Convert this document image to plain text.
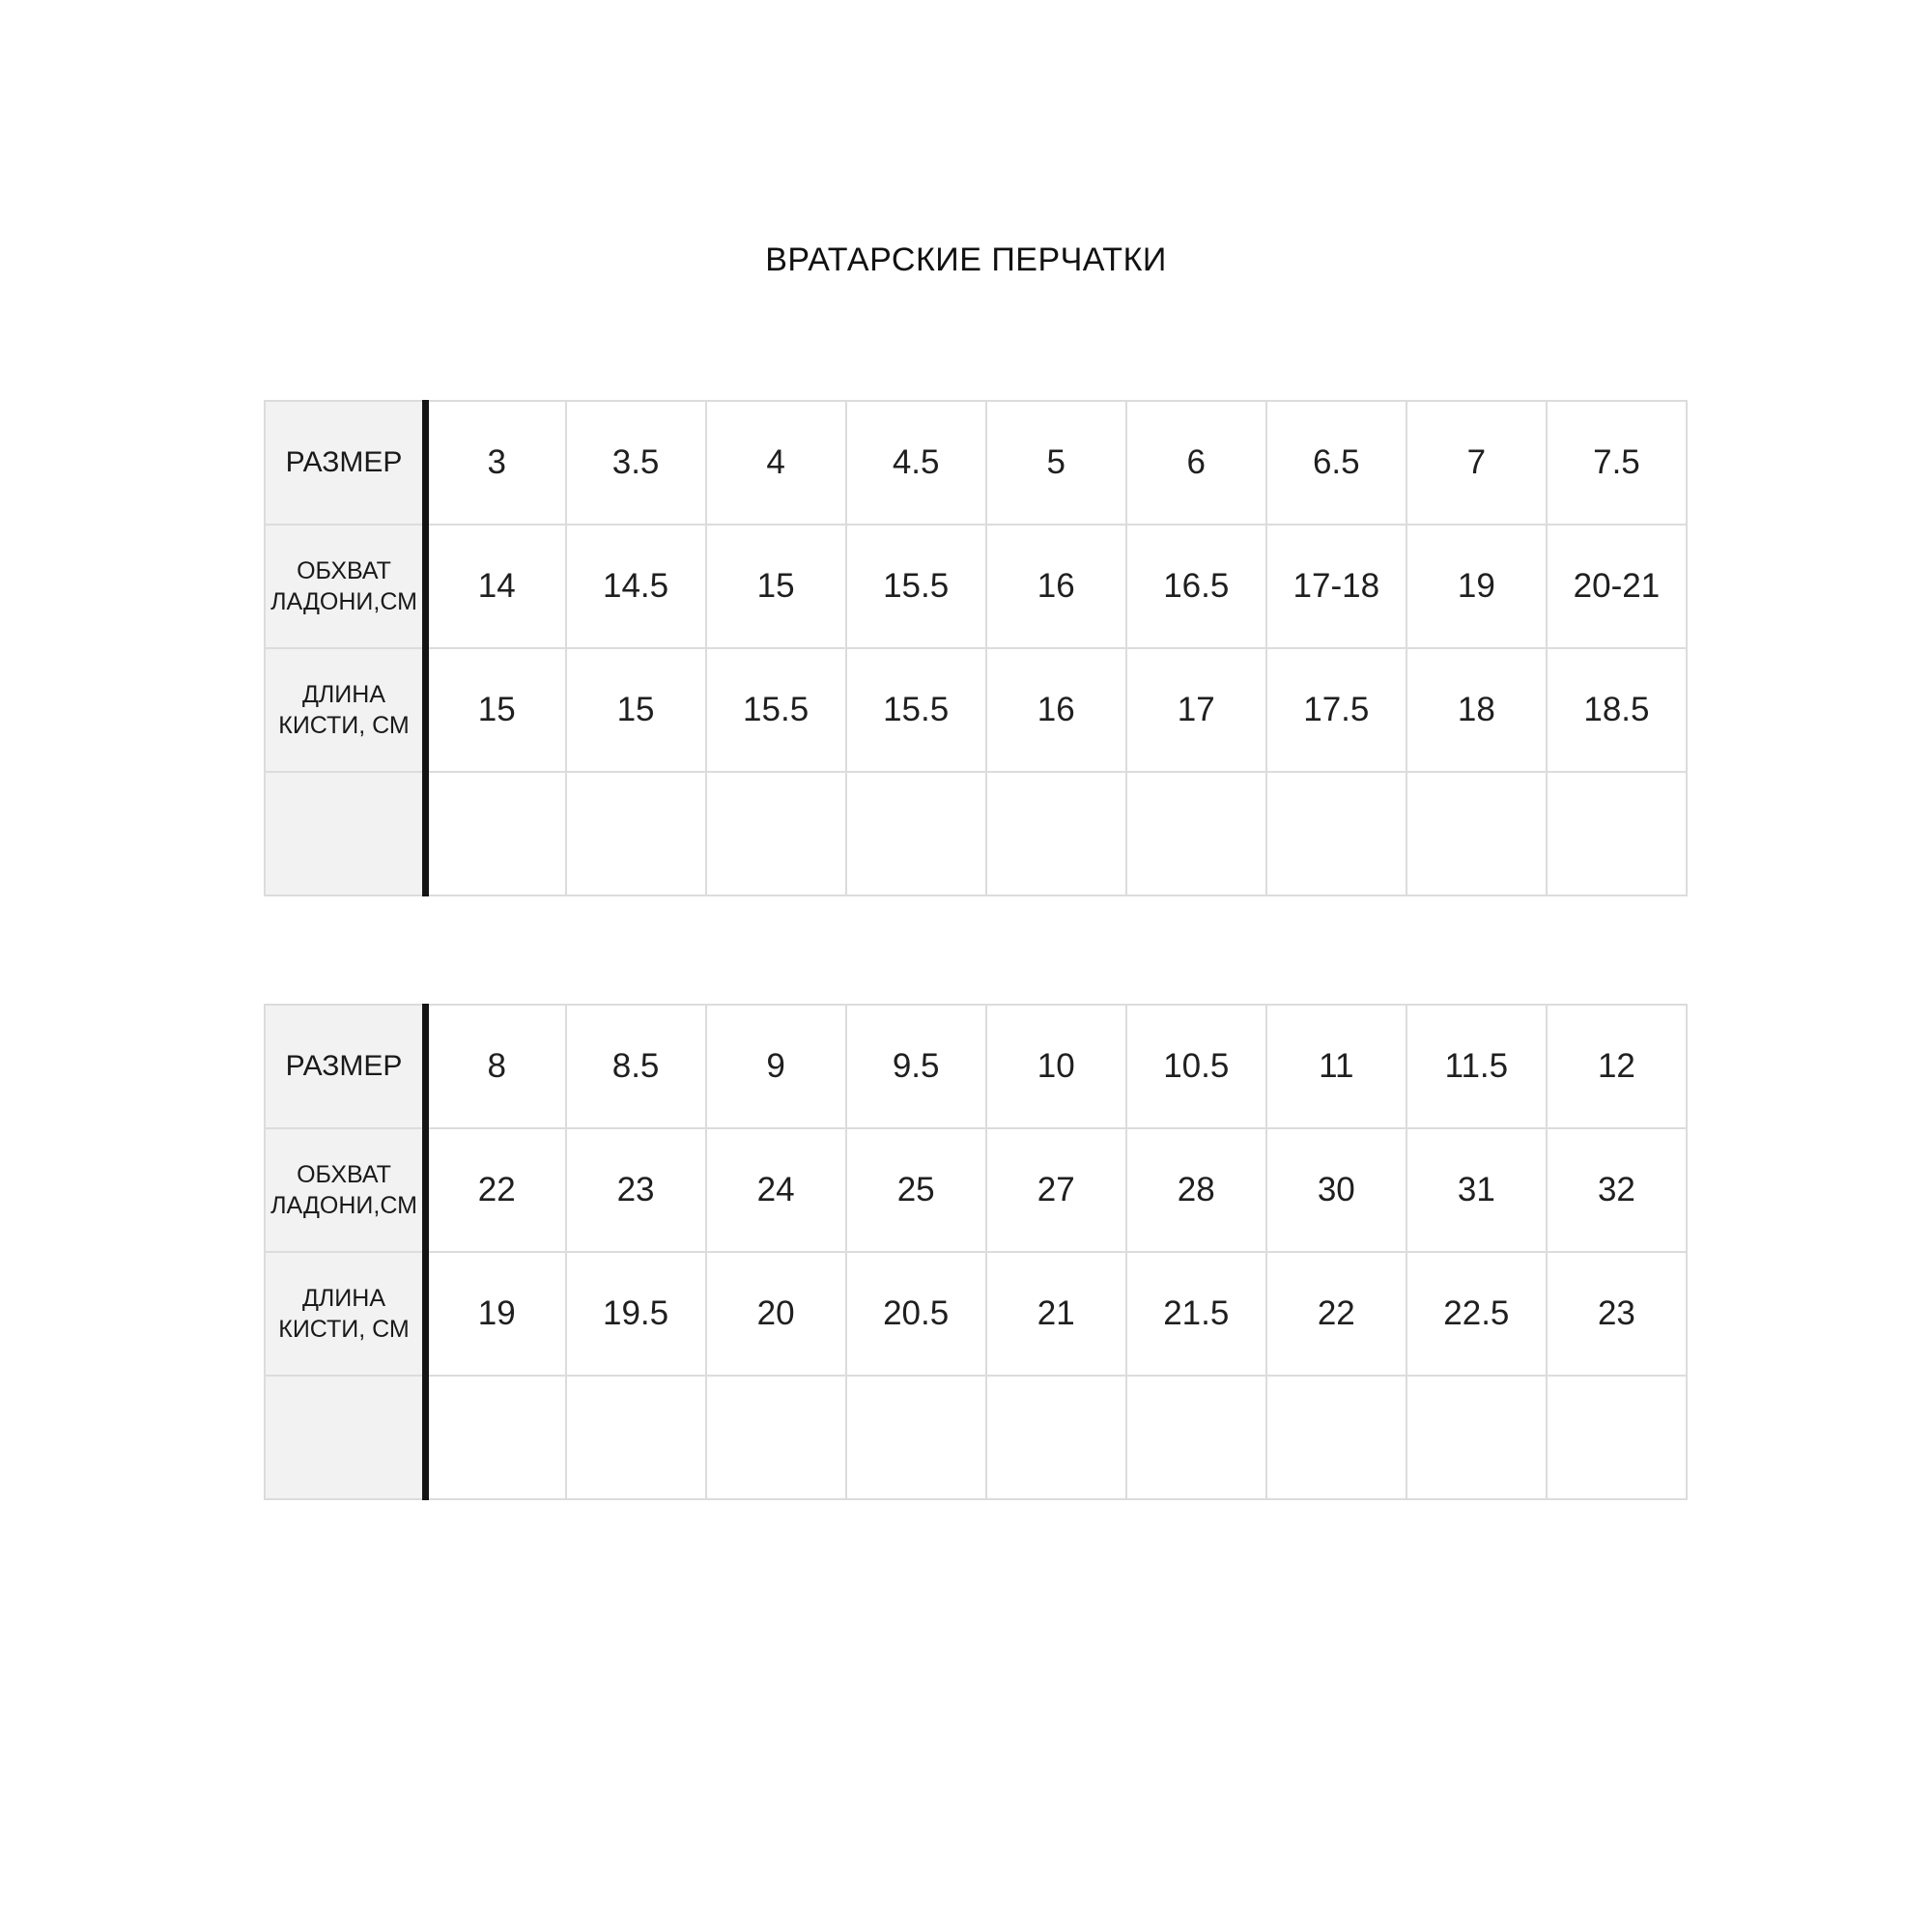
ВРАТАРСКИЕ ПЕРЧАТКИ
РАЗМЕР	3	3.5	4	4.5	5	6	6.5	7	7.5

ОБХВАТ
ЛАДОНИ,СМ	14	14.5	15	15.5	16	16.5	17-18	19	20-21

ДЛИНА
КИСТИ, СМ	15	15	15.5	15.5	16	17	17.5	18	18.5

РАЗМЕР	8	8.5	9	9.5	10	10.5	11	11.5	12

ОБХВАТ
ЛАДОНИ,СМ	22	23	24	25	27	28	30	31	32

ДЛИНА
КИСТИ, СМ	19	19.5	20	20.5	21	21.5	22	22.5	23
